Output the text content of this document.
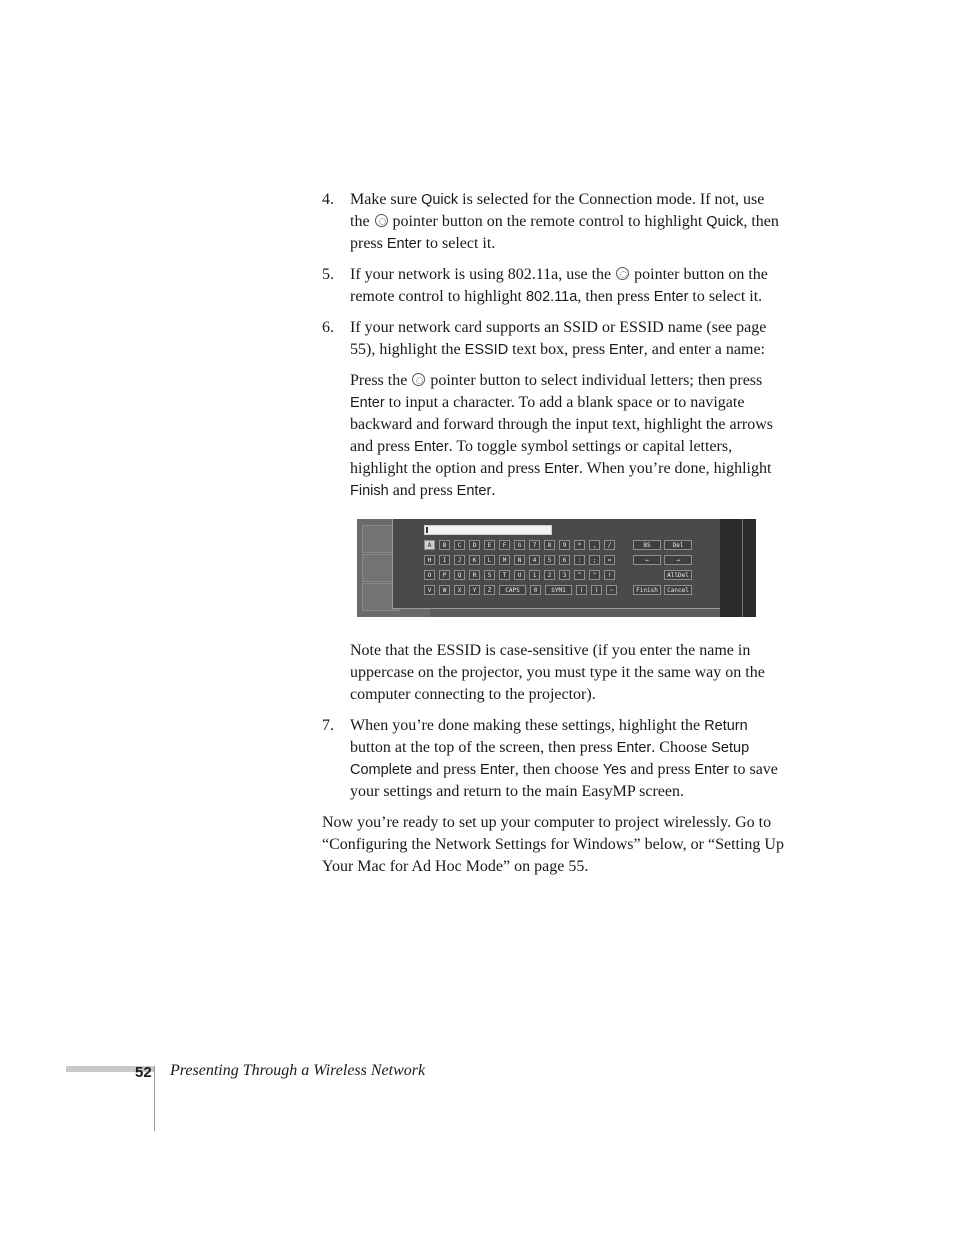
4. Make sure Quick is selected for the Connection mode. If not, use the  pointer button on the remote control to highlight Quick, then press Enter to select it.
5. If your network is using 802.11a, use the  pointer button on the remote control to highlight 802.11a, then press Enter to select it.
6. If your network card supports an SSID or ESSID name (see page 55), highlight the ESSID text box, press Enter, and enter a name:
Press the  pointer button to select individual letters; then press Enter to input a character. To add a blank space or to navigate backward and forward through the input text, highlight the arrows and press Enter. To toggle symbol settings or capital letters, highlight the option and press Enter. When you’re done, highlight Finish and press Enter.
A	B	C	D	E	F	G	7	8	9	*	,	/
H	I	J	K	L	M	N	4	5	6	:	;	=
O	P	Q	R	S	T	U	1	2	3	^	"	!
V	W	X	Y	Z	CAPS	0	SYM1	(	)	~
BS	Del
←	→
AllDel
Finish	Cancel
Note that the ESSID is case-sensitive (if you enter the name in uppercase on the projector, you must type it the same way on the computer connecting to the projector).
7. When you’re done making these settings, highlight the Return button at the top of the screen, then press Enter. Choose Setup Complete and press Enter, then choose Yes and press Enter to save your settings and return to the main EasyMP screen.
Now you’re ready to set up your computer to project wirelessly. Go to “Configuring the Network Settings for Windows” below, or “Setting Up Your Mac for Ad Hoc Mode” on page 55.
52 Presenting Through a Wireless Network
